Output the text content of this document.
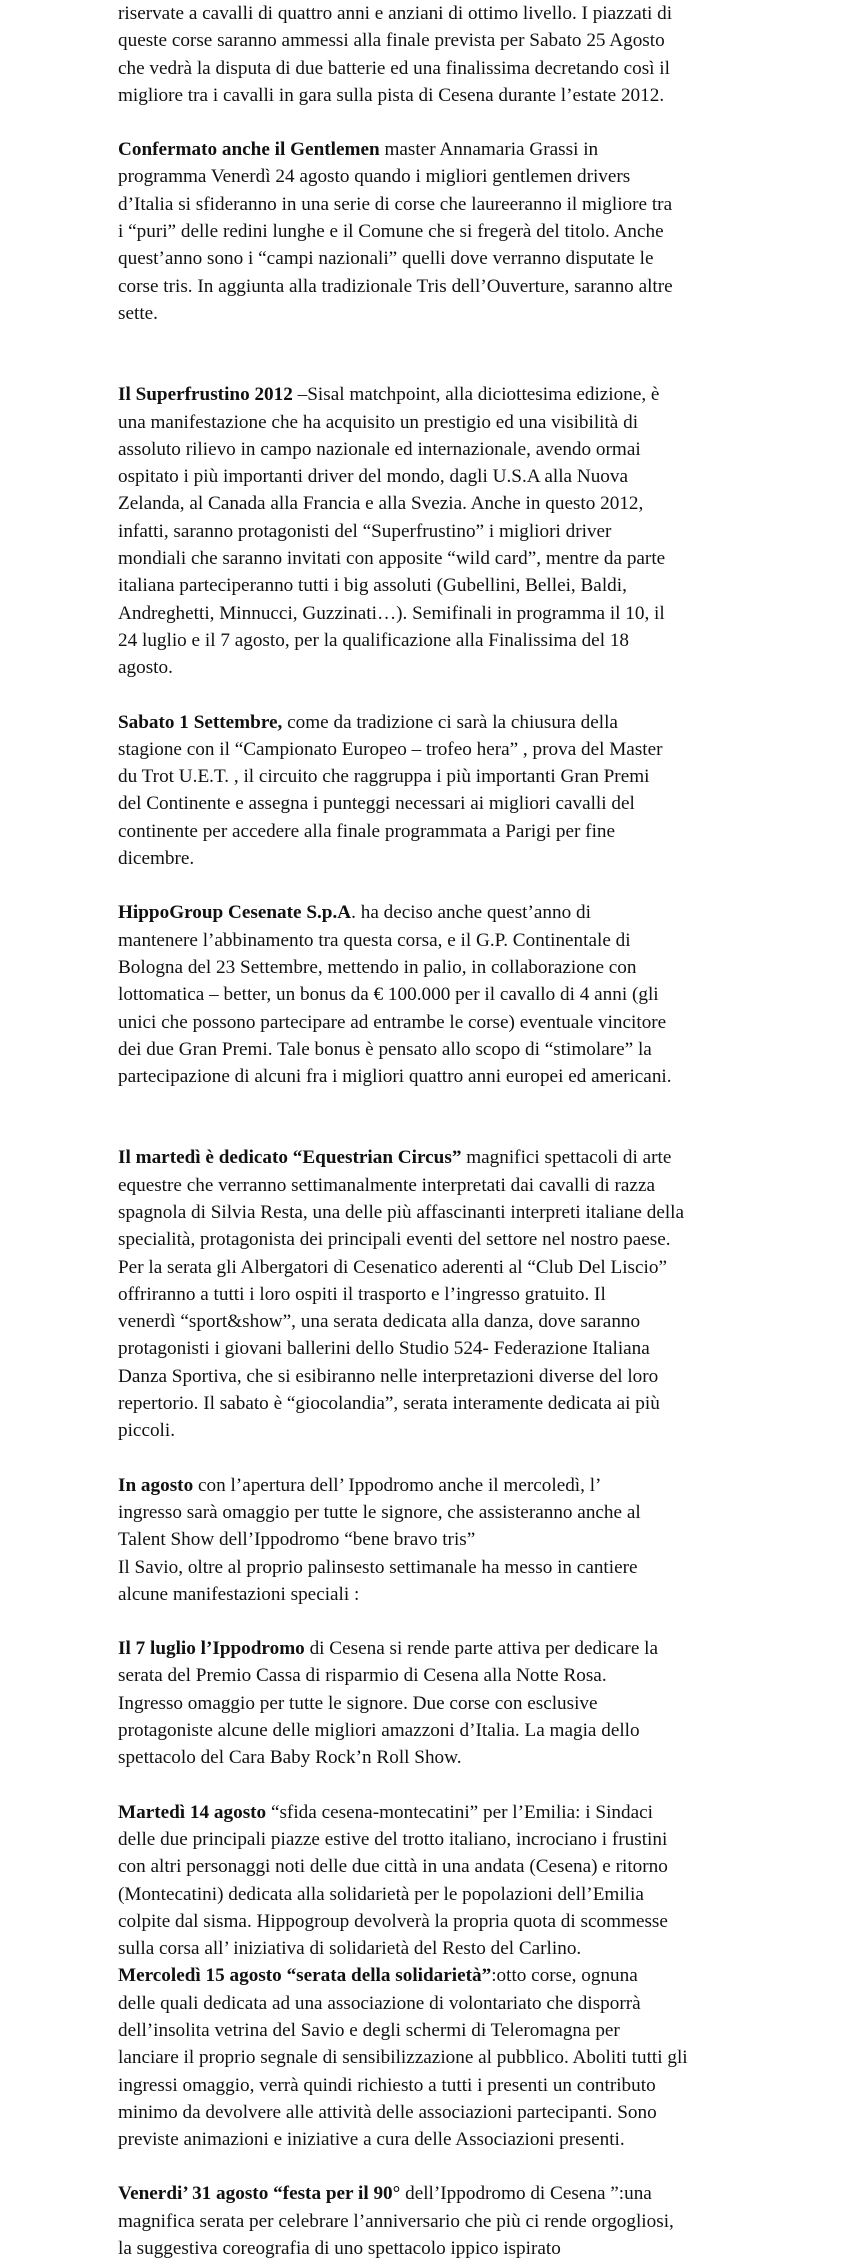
riservate a cavalli di quattro anni e anziani di ottimo livello. I piazzati di
queste corse saranno ammessi alla finale prevista per Sabato 25 Agosto
che vedrà la disputa di due batterie ed una finalissima decretando così il
migliore tra i cavalli in gara sulla pista di Cesena durante l’estate 2012.
Confermato anche il Gentlemen master Annamaria Grassi in
programma Venerdì 24 agosto quando i migliori gentlemen drivers
d’Italia si sfideranno in una serie di corse che laureeranno il migliore tra
i “puri” delle redini lunghe e il Comune che si fregerà del titolo. Anche
quest’anno sono i “campi nazionali” quelli dove verranno disputate le
corse tris. In aggiunta alla tradizionale Tris dell’Ouverture, saranno altre
sette.
Il Superfrustino 2012 –Sisal matchpoint, alla diciottesima edizione, è
una manifestazione che ha acquisito un prestigio ed una visibilità di
assoluto rilievo in campo nazionale ed internazionale, avendo ormai
ospitato i più importanti driver del mondo, dagli U.S.A alla Nuova
Zelanda, al Canada alla Francia e alla Svezia. Anche in questo 2012,
infatti, saranno protagonisti del “Superfrustino” i migliori driver
mondiali che saranno invitati con apposite “wild card”, mentre da parte
italiana parteciperanno tutti i big assoluti (Gubellini, Bellei, Baldi,
Andreghetti, Minnucci, Guzzinati…). Semifinali in programma il 10, il
24 luglio e il 7 agosto, per la qualificazione alla Finalissima del 18
agosto.
Sabato 1 Settembre, come da tradizione ci sarà la chiusura della
stagione con il “Campionato Europeo – trofeo hera” , prova del Master
du Trot U.E.T. , il circuito che raggruppa i più importanti Gran Premi
del Continente e assegna i punteggi necessari ai migliori cavalli del
continente per accedere alla finale programmata a Parigi per fine
dicembre.
HippoGroup Cesenate S.p.A. ha deciso anche quest’anno di
mantenere l’abbinamento tra questa corsa, e il G.P. Continentale di
Bologna del 23 Settembre, mettendo in palio, in collaborazione con
lottomatica – better, un bonus da € 100.000 per il cavallo di 4 anni (gli
unici che possono partecipare ad entrambe le corse) eventuale vincitore
dei due Gran Premi. Tale bonus è pensato allo scopo di “stimolare” la
partecipazione di alcuni fra i migliori quattro anni europei ed americani.
Il martedì è dedicato “Equestrian Circus” magnifici spettacoli di arte
equestre che verranno settimanalmente interpretati dai cavalli di razza
spagnola di Silvia Resta, una delle più affascinanti interpreti italiane della
specialità, protagonista dei principali eventi del settore nel nostro paese.
Per la serata gli Albergatori di Cesenatico aderenti al “Club Del Liscio”
offriranno a tutti i loro ospiti il trasporto e l’ingresso gratuito. Il
venerdì “sport&show”, una serata dedicata alla danza, dove saranno
protagonisti i giovani ballerini dello Studio 524- Federazione Italiana
Danza Sportiva, che si esibiranno nelle interpretazioni diverse del loro
repertorio. Il sabato è “giocolandia”, serata interamente dedicata ai più
piccoli.
In agosto con l’apertura dell’ Ippodromo anche il mercoledì, l’
ingresso sarà omaggio per tutte le signore, che assisteranno anche al
Talent Show dell’Ippodromo “bene bravo tris”
Il Savio, oltre al proprio palinsesto settimanale ha messo in cantiere
alcune manifestazioni speciali :
Il 7 luglio l’Ippodromo di Cesena si rende parte attiva per dedicare la
serata del Premio Cassa di risparmio di Cesena alla Notte Rosa.
Ingresso omaggio per tutte le signore. Due corse con esclusive
protagoniste alcune delle migliori amazzoni d’Italia. La magia dello
spettacolo del Cara Baby Rock’n Roll Show.
Martedì 14 agosto “sfida cesena-montecatini” per l’Emilia: i Sindaci
delle due principali piazze estive del trotto italiano, incrociano i frustini
con altri personaggi noti delle due città in una andata (Cesena) e ritorno
(Montecatini) dedicata alla solidarietà per le popolazioni dell’Emilia
colpite dal sisma. Hippogroup devolverà la propria quota di scommesse
sulla corsa all’ iniziativa di solidarietà del Resto del Carlino.
Mercoledì 15 agosto “serata della solidarietà”:otto corse, ognuna
delle quali dedicata ad una associazione di volontariato che disporrà
dell’insolita vetrina del Savio e degli schermi di Teleromagna per
lanciare il proprio segnale di sensibilizzazione al pubblico. Aboliti tutti gli
ingressi omaggio, verrà quindi richiesto a tutti i presenti un contributo
minimo da devolvere alle attività delle associazioni partecipanti. Sono
previste animazioni e iniziative a cura delle Associazioni presenti.
Venerdi’ 31 agosto “festa per il 90° dell’Ippodromo di Cesena ”:una
magnifica serata per celebrare l’anniversario che più ci rende orgogliosi,
la suggestiva coreografia di uno spettacolo ippico ispirato
